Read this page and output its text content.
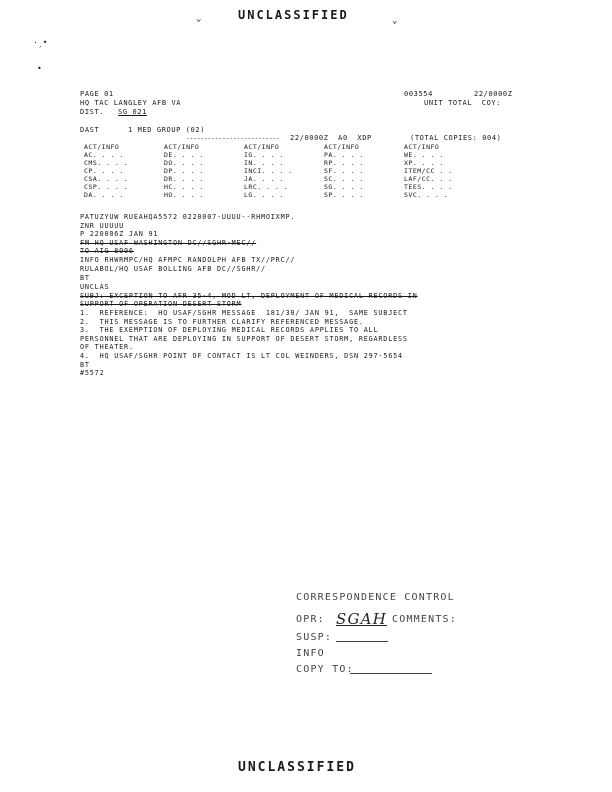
UNCLASSIFIED
⌄	⌄
·ˏ•
•
PAGE 01
HQ TAC LANGLEY AFB VA
DIST. SG 021
003554	22/0000Z
UNIT TOTAL  COY:
DAST	1 MED GROUP (02)
-------------------------- 22/0000Z  A0  XDP	(TOTAL COPIES: 004)
ACT/INFO	ACT/INFO	ACT/INFO	ACT/INFO	ACT/INFO
AC. . . .	DE. . . .	IG. . . .	PA. . . .	WE. . . .
CMS. . . .	DO. . . .	IN. . . .	RP. . . .	XP. . . .
CP. . . .	DP. . . .	INCI. . . .	SF. . . .	ITEM/CC . .
CSA. . . .	DR. . . .	JA. . . .	SC. . . .	LAF/CC. . .
CSP. . . .	HC. . . .	LRC. . . .	SG. . . .	TEES. . . .
DA. . . .	HO. . . .	LG. . . .	SP. . . .	SVC. . . .
PATUZYUW RUEAHQA5572 0220007-UUUU--RHMOIXMP.
ZNR UUUUU
P 220006Z JAN 91
FM HQ USAF WASHINGTON DC//SGHR-MEC//
TO AIG 8006
INFO RHWRMPC/HQ AFMPC RANDOLPH AFB TX//PRC//
RULABOL/HQ USAF BOLLING AFB DC//SGHR//
BT
UNCLAS
SUBJ: EXCEPTION TO AFR 35-4, MOD LT, DEPLOYMENT OF MEDICAL RECORDS IN
SUPPORT OF OPERATION DESERT STORM
1.  REFERENCE:  HQ USAF/SGHR MESSAGE  181/30/ JAN 91,  SAME SUBJECT
2.  THIS MESSAGE IS TO FURTHER CLARIFY REFERENCED MESSAGE.
3.  THE EXEMPTION OF DEPLOYING MEDICAL RECORDS APPLIES TO ALL
PERSONNEL THAT ARE DEPLOYING IN SUPPORT OF DESERT STORM, REGARDLESS
OF THEATER.
4.  HQ USAF/SGHR POINT OF CONTACT IS LT COL WEINDERS, DSN 297-5654
BT
#5572
CORRESPONDENCE CONTROL
OPR: SGAH COMMENTS:
SUSP:
INFO
COPY TO:
UNCLASSIFIED
